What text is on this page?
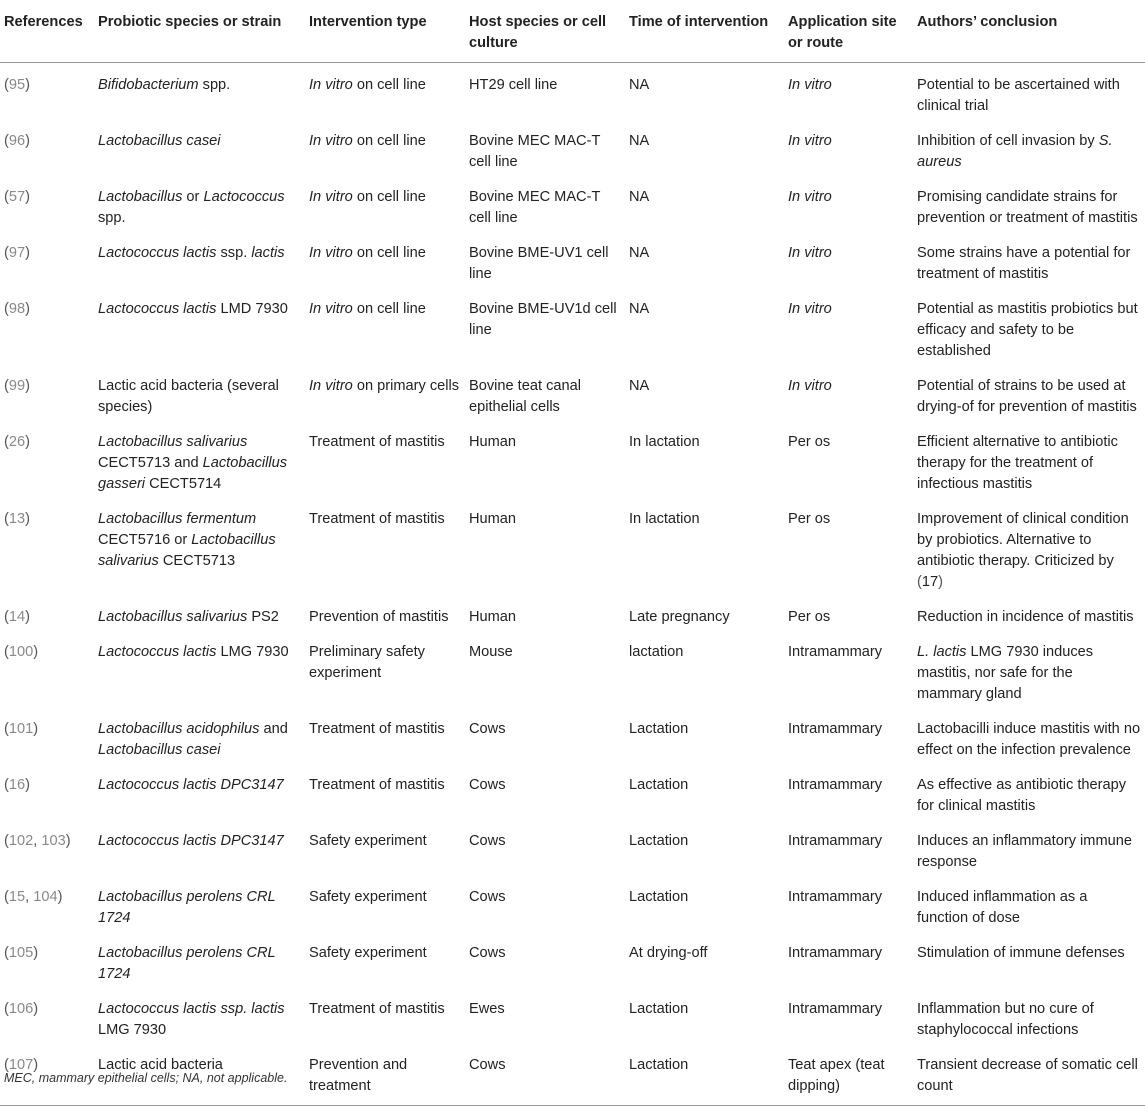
References	Probiotic species or strain	Intervention type	Host species or cell culture	Time of intervention	Application site or route	Authors’ conclusion
(95)	Bifidobacterium spp.	In vitro on cell line	HT29 cell line	NA	In vitro	Potential to be ascertained with clinical trial
(96)	Lactobacillus casei	In vitro on cell line	Bovine MEC MAC-T cell line	NA	In vitro	Inhibition of cell invasion by S. aureus
(57)	Lactobacillus or Lactococcus spp.	In vitro on cell line	Bovine MEC MAC-T cell line	NA	In vitro	Promising candidate strains for prevention or treatment of mastitis
(97)	Lactococcus lactis ssp. lactis	In vitro on cell line	Bovine BME-UV1 cell line	NA	In vitro	Some strains have a potential for treatment of mastitis
(98)	Lactococcus lactis LMD 7930	In vitro on cell line	Bovine BME-UV1d cell line	NA	In vitro	Potential as mastitis probiotics but efficacy and safety to be established
(99)	Lactic acid bacteria (several species)	In vitro on primary cells	Bovine teat canal epithelial cells	NA	In vitro	Potential of strains to be used at drying-of for prevention of mastitis
(26)	Lactobacillus salivarius CECT5713 and Lactobacillus gasseri CECT5714	Treatment of mastitis	Human	In lactation	Per os	Efficient alternative to antibiotic therapy for the treatment of infectious mastitis
(13)	Lactobacillus fermentum CECT5716 or Lactobacillus salivarius CECT5713	Treatment of mastitis	Human	In lactation	Per os	Improvement of clinical condition by probiotics. Alternative to antibiotic therapy. Criticized by (17)
(14)	Lactobacillus salivarius PS2	Prevention of mastitis	Human	Late pregnancy	Per os	Reduction in incidence of mastitis
(100)	Lactococcus lactis LMG 7930	Preliminary safety experiment	Mouse	lactation	Intramammary	L. lactis LMG 7930 induces mastitis, nor safe for the mammary gland
(101)	Lactobacillus acidophilus and Lactobacillus casei	Treatment of mastitis	Cows	Lactation	Intramammary	Lactobacilli induce mastitis with no effect on the infection prevalence
(16)	Lactococcus lactis DPC3147	Treatment of mastitis	Cows	Lactation	Intramammary	As effective as antibiotic therapy for clinical mastitis
(102, 103)	Lactococcus lactis DPC3147	Safety experiment	Cows	Lactation	Intramammary	Induces an inflammatory immune response
(15, 104)	Lactobacillus perolens CRL 1724	Safety experiment	Cows	Lactation	Intramammary	Induced inflammation as a function of dose
(105)	Lactobacillus perolens CRL 1724	Safety experiment	Cows	At drying-off	Intramammary	Stimulation of immune defenses
(106)	Lactococcus lactis ssp. lactis LMG 7930	Treatment of mastitis	Ewes	Lactation	Intramammary	Inflammation but no cure of staphylococcal infections
(107)	Lactic acid bacteria	Prevention and treatment	Cows	Lactation	Teat apex (teat dipping)	Transient decrease of somatic cell count
MEC, mammary epithelial cells; NA, not applicable.
